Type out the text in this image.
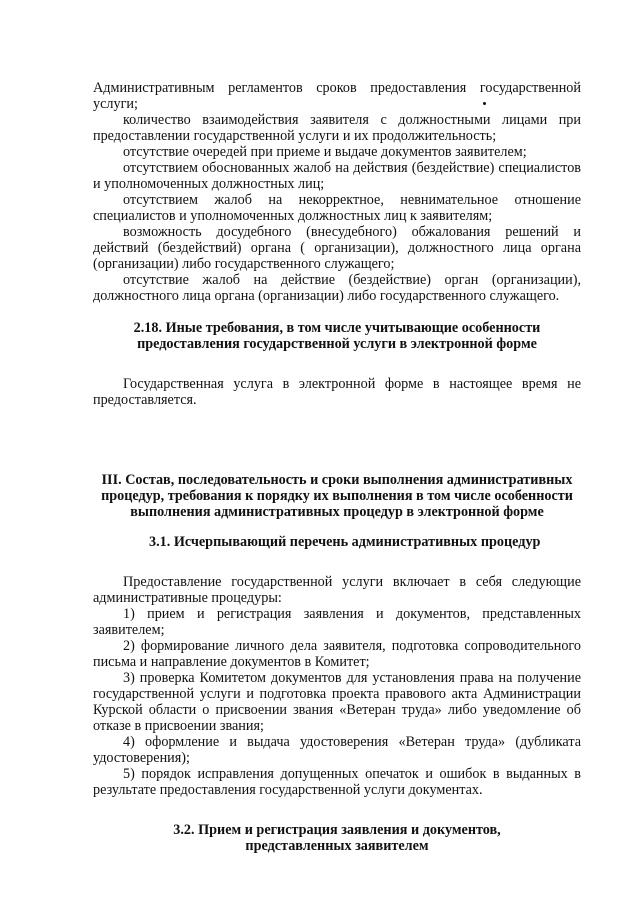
Административным регламентов сроков предоставления государственной услуги;

количество взаимодействия заявителя с должностными лицами при предоставлении государственной услуги и их продолжительность;

отсутствие очередей при приеме и выдаче документов заявителем;

отсутствием обоснованных жалоб на действия (бездействие) специалистов и уполномоченных должностных лиц;

отсутствием жалоб на некорректное, невнимательное отношение специалистов и уполномоченных должностных лиц к заявителям;

возможность досудебного (внесудебного) обжалования решений и действий (бездействий) органа ( организации), должностного лица органа (организации) либо государственного служащего;

отсутствие жалоб на действие (бездействие) орган (организации), должностного лица органа (организации) либо государственного служащего.

2.18. Иные требования, в том числе учитывающие особенности предоставления государственной услуги в электронной форме

Государственная услуга в электронной форме в настоящее время не предоставляется.

III. Состав, последовательность и сроки выполнения административных процедур, требования к порядку их выполнения в том числе особенности выполнения административных процедур в электронной форме

3.1. Исчерпывающий перечень административных процедур

Предоставление государственной услуги включает в себя следующие административные процедуры:

1) прием и регистрация заявления и документов, представленных заявителем;

2) формирование личного дела заявителя, подготовка сопроводительного письма и направление документов в Комитет;

3) проверка Комитетом документов для установления права на получение государственной услуги и подготовка проекта правового акта Администрации Курской области о присвоении звания «Ветеран труда» либо уведомление об отказе в присвоении звания;

4) оформление и выдача удостоверения «Ветеран труда» (дубликата удостоверения);

5) порядок исправления допущенных опечаток и ошибок в выданных в результате предоставления государственной услуги документах.

3.2. Прием и регистрация заявления и документов, представленных заявителем
